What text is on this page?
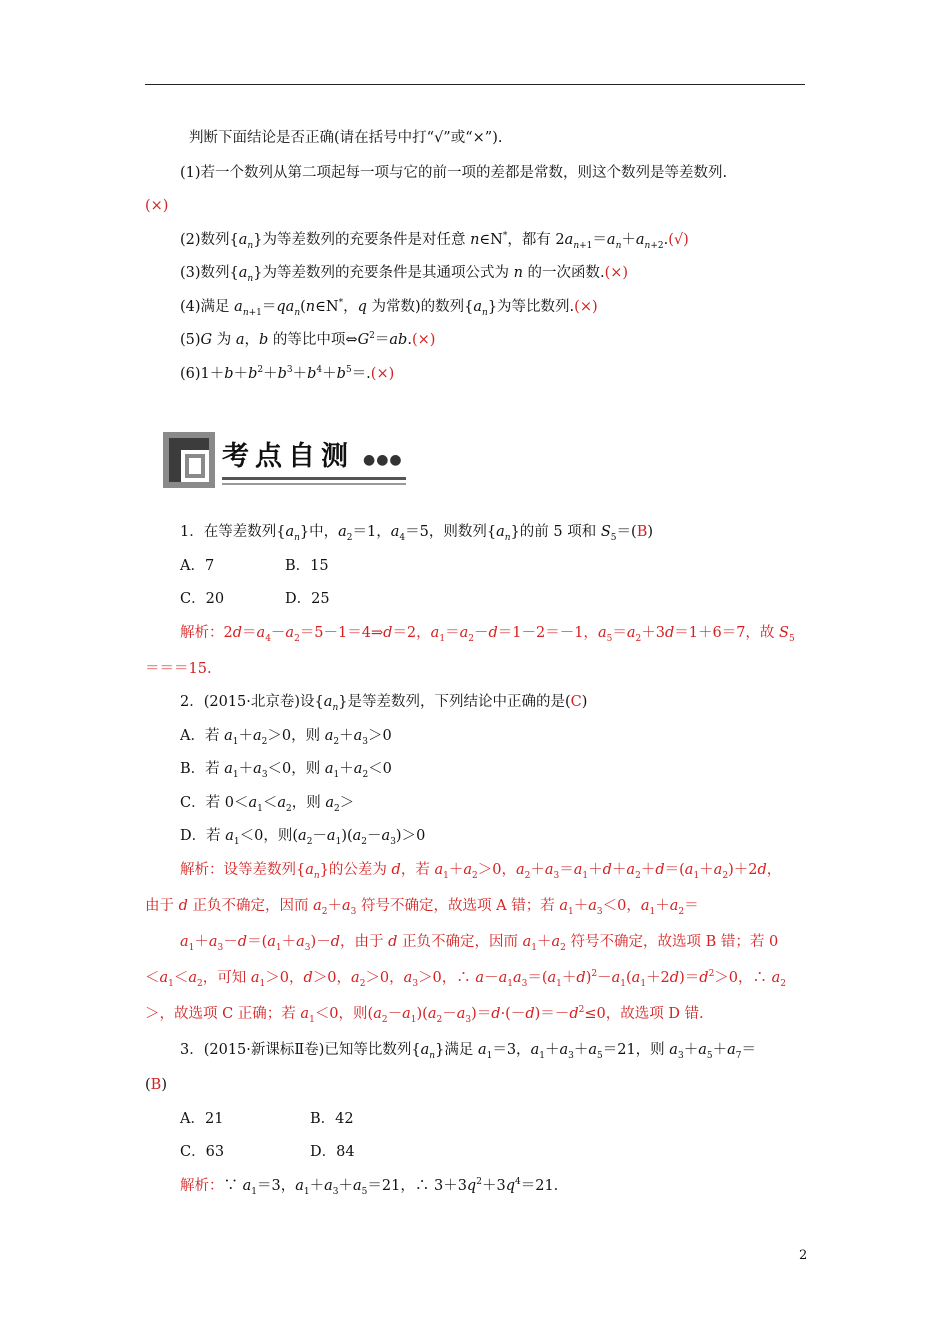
判断下面结论是否正确(请在括号中打“√”或“×”).
(1)若一个数列从第二项起每一项与它的前一项的差都是常数，则这个数列是等差数列.
(×)
(2)数列$\{a_n\}$为等差数列的充要条件是对任意 n∈N*，都有 $2a_{n+1}=a_n+a_{n+2}.(√)$
(3)数列$\{a_n\}$为等差数列的充要条件是其通项公式为 n 的一次函数.(×)
(4)满足 $a_{n+1}=qa_n(n\in N^*$，q 为常数)的数列$\{a_n\}$为等比数列.(×)
(5)G 为 a，b 的等比中项$\Leftrightarrow G^2=ab.(\times)$
$(6)1+b+b^2+b^3+b^4+b^5=.(\times)$
考点自测 ●●●
1．在等差数列$\{a_n\}$中，$a_2=1$，$a_4=5$，则数列$\{a_n\}$的前 5 项和 $S_5=(B)$
A．7	B．15
C．20	D．25
解析：$2d=a_4-a_2=5-1=4\Rightarrow d=2$，$a_1=a_2-d=1-2=-1$，$a_5=a_2+3d=1+6=7$，故 $S_5$
＝＝＝15.
2．(2015·北京卷)设$\{a_n\}$是等差数列，下列结论中正确的是(C)
A．若 $a_1+a_2>0$，则 $a_2+a_3>0$
B．若 $a_1+a_3<0$，则 $a_1+a_2<0$
C．若 $0<a_1<a_2$，则 $a_2>$
D．若 $a_1<0$，则$(a_2-a_1)(a_2-a_3)>0$
解析：设等差数列$\{a_n\}$的公差为 d，若 $a_1+a_2>0$，$a_2+a_3=a_1+d+a_2+d=(a_1+a_2)+2d$，
由于 d 正负不确定，因而 $a_2+a_3$ 符号不确定，故选项 A 错；若 $a_1+a_3<0$，$a_1+a_2=$
$a_1+a_3-d=(a_1+a_3)-d$，由于 d 正负不确定，因而 $a_1+a_2$ 符号不确定，故选项 B 错；若 0
$<a_1<a_2$，可知 $a_1>0$，d＞0，$a_2>0$，$a_3>0$，∴ $a-a_1a_3=(a_1+d)^2-a_1(a_1+2d)=d^2>0$，∴ $a_2$
＞，故选项 C 正确；若 $a_1<0$，则$(a_2-a_1)(a_2-a_3)=d\cdot(-d)=-d^2\le 0$，故选项 D 错.
3．(2015·新课标Ⅱ卷)已知等比数列$\{a_n\}$满足 $a_1=3$，$a_1+a_3+a_5=21$，则 $a_3+a_5+a_7=$
(B)
A．21	B．42
C．63	D．84
解析：∵ $a_1=3$，$a_1+a_3+a_5=21$，∴ $3+3q^2+3q^4=21$.
2
